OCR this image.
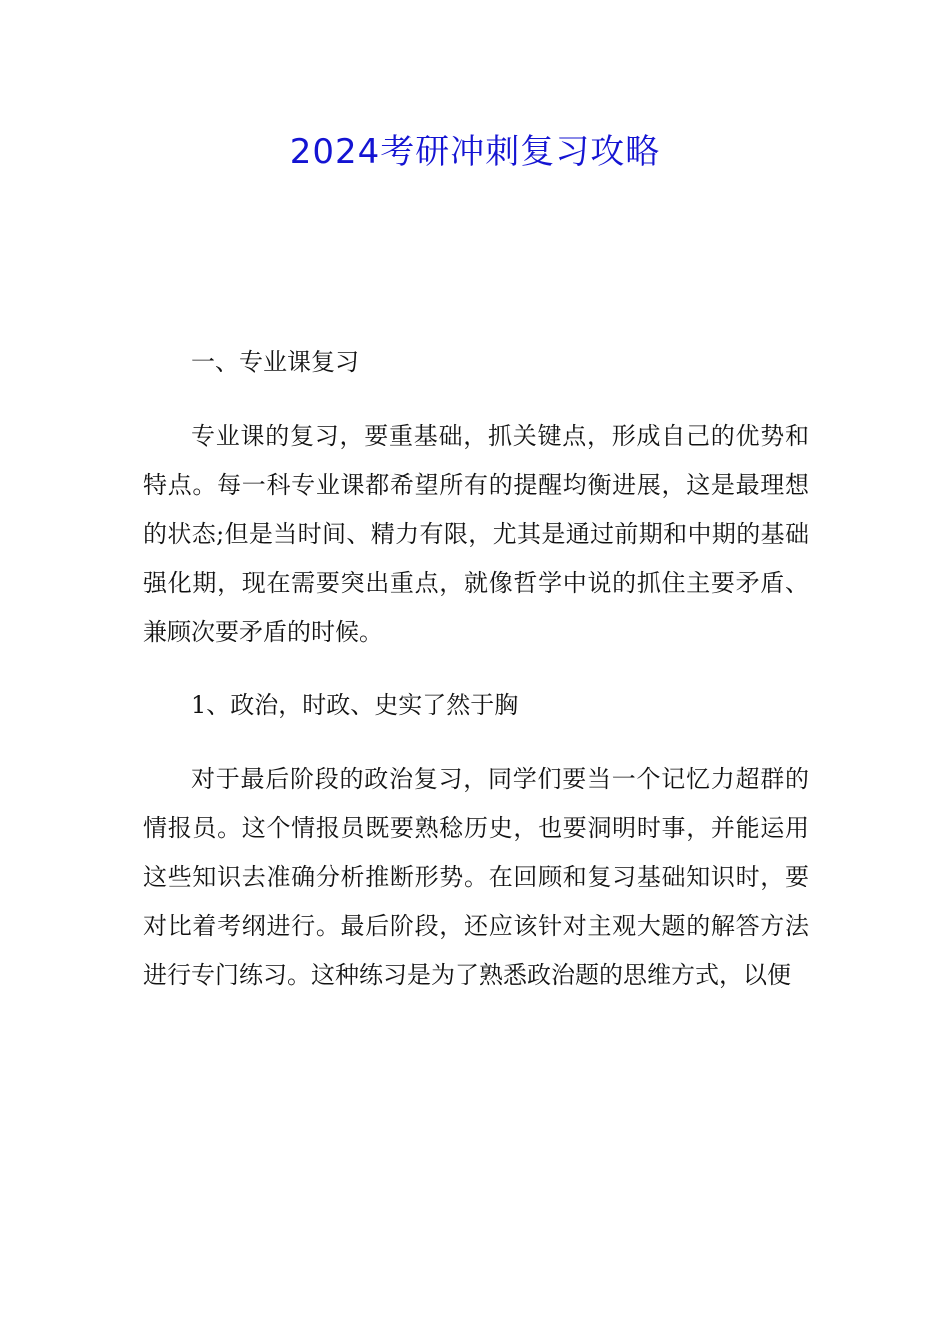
2024考研冲刺复习攻略

一、专业课复习

专业课的复习，要重基础，抓关键点，形成自己的优势和特点。每一科专业课都希望所有的提醒均衡进展，这是最理想的状态;但是当时间、精力有限，尤其是通过前期和中期的基础强化期，现在需要突出重点，就像哲学中说的抓住主要矛盾、兼顾次要矛盾的时候。

1、政治，时政、史实了然于胸

对于最后阶段的政治复习，同学们要当一个记忆力超群的情报员。这个情报员既要熟稔历史，也要洞明时事，并能运用这些知识去准确分析推断形势。在回顾和复习基础知识时，要对比着考纲进行。最后阶段，还应该针对主观大题的解答方法进行专门练习。这种练习是为了熟悉政治题的思维方式，以便
